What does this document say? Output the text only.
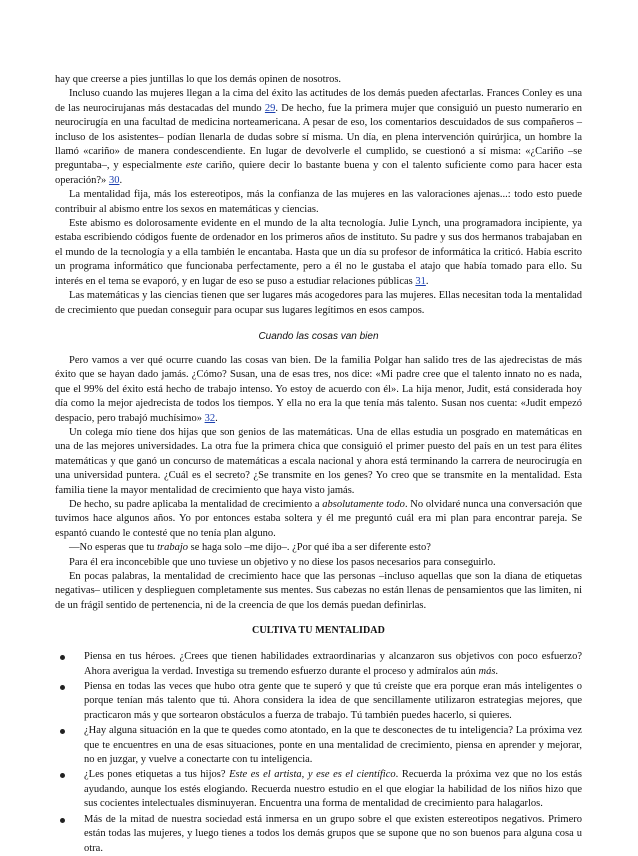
hay que creerse a pies juntillas lo que los demás opinen de nosotros.

Incluso cuando las mujeres llegan a la cima del éxito las actitudes de los demás pueden afectarlas. Frances Conley es una de las neurocirujanas más destacadas del mundo 29. De hecho, fue la primera mujer que consiguió un puesto numerario en neurocirugía en una facultad de medicina norteamericana. A pesar de eso, los comentarios descuidados de sus compañeros –incluso de los asistentes– podían llenarla de dudas sobre sí misma. Un día, en plena intervención quirúrjica, un hombre la llamó «cariño» de manera condescendiente. En lugar de devolverle el cumplido, se cuestionó a sí misma: «¿Cariño –se preguntaba–, y especialmente este cariño, quiere decir lo bastante buena y con el talento suficiente como para hacer esta operación?» 30.

La mentalidad fija, más los estereotipos, más la confianza de las mujeres en las valoraciones ajenas...: todo esto puede contribuir al abismo entre los sexos en matemáticas y ciencias.

Este abismo es dolorosamente evidente en el mundo de la alta tecnología. Julie Lynch, una programadora incipiente, ya estaba escribiendo códigos fuente de ordenador en los primeros años de instituto. Su padre y sus dos hermanos trabajaban en el mundo de la tecnología y a ella también le encantaba. Hasta que un día su profesor de informática la criticó. Había escrito un programa informático que funcionaba perfectamente, pero a él no le gustaba el atajo que había tomado para ello. Su interés en el tema se evaporó, y en lugar de eso se puso a estudiar relaciones públicas 31.

Las matemáticas y las ciencias tienen que ser lugares más acogedores para las mujeres. Ellas necesitan toda la mentalidad de crecimiento que puedan conseguir para ocupar sus lugares legítimos en esos campos.

Cuando las cosas van bien

Pero vamos a ver qué ocurre cuando las cosas van bien. De la familia Polgar han salido tres de las ajedrecistas de más éxito que se hayan dado jamás. ¿Cómo? Susan, una de esas tres, nos dice: «Mi padre cree que el talento innato no es nada, que el 99% del éxito está hecho de trabajo intenso. Yo estoy de acuerdo con él». La hija menor, Judit, está considerada hoy día como la mejor ajedrecista de todos los tiempos. Y ella no era la que tenía más talento. Susan nos cuenta: «Judit empezó despacio, pero trabajó muchísimo» 32.

Un colega mío tiene dos hijas que son genios de las matemáticas. Una de ellas estudia un posgrado en matemáticas en una de las mejores universidades. La otra fue la primera chica que consiguió el primer puesto del país en un test para élites matemáticas y que ganó un concurso de matemáticas a escala nacional y ahora está terminando la carrera de neurocirugía en una universidad puntera. ¿Cuál es el secreto? ¿Se transmite en los genes? Yo creo que se transmite en la mentalidad. Esta familia tiene la mayor mentalidad de crecimiento que haya visto jamás.

De hecho, su padre aplicaba la mentalidad de crecimiento a absolutamente todo. No olvidaré nunca una conversación que tuvimos hace algunos años. Yo por entonces estaba soltera y él me preguntó cuál era mi plan para encontrar pareja. Se espantó cuando le contesté que no tenía plan alguno.

—No esperas que tu trabajo se haga solo –me dijo–. ¿Por qué iba a ser diferente esto?

Para él era inconcebible que uno tuviese un objetivo y no diese los pasos necesarios para conseguirlo.

En pocas palabras, la mentalidad de crecimiento hace que las personas –incluso aquellas que son la diana de etiquetas negativas– utilicen y desplieguen completamente sus mentes. Sus cabezas no están llenas de pensamientos que las limiten, ni de un frágil sentido de pertenencia, ni de la creencia de que los demás puedan definirlas.

CULTIVA TU MENTALIDAD
Piensa en tus héroes. ¿Crees que tienen habilidades extraordinarias y alcanzaron sus objetivos con poco esfuerzo? Ahora averigua la verdad. Investiga su tremendo esfuerzo durante el proceso y admíralos aún más.
Piensa en todas las veces que hubo otra gente que te superó y que tú creíste que era porque eran más inteligentes o porque tenían más talento que tú. Ahora considera la idea de que sencillamente utilizaron estrategias mejores, que practicaron más y que sortearon obstáculos a fuerza de trabajo. Tú también puedes hacerlo, si quieres.
¿Hay alguna situación en la que te quedes como atontado, en la que te desconectes de tu inteligencia? La próxima vez que te encuentres en una de esas situaciones, ponte en una mentalidad de crecimiento, piensa en aprender y mejorar, no en juzgar, y vuelve a conectarte con tu inteligencia.
¿Les pones etiquetas a tus hijos? Este es el artista, y ese es el científico. Recuerda la próxima vez que no los estás ayudando, aunque los estés elogiando. Recuerda nuestro estudio en el que elogiar la habilidad de los niños hizo que sus cocientes intelectuales disminuyeran. Encuentra una forma de mentalidad de crecimiento para halagarlos.
Más de la mitad de nuestra sociedad está inmersa en un grupo sobre el que existen estereotipos negativos. Primero están todas las mujeres, y luego tienes a todos los demás grupos que se supone que no son buenos para alguna cosa u otra.
